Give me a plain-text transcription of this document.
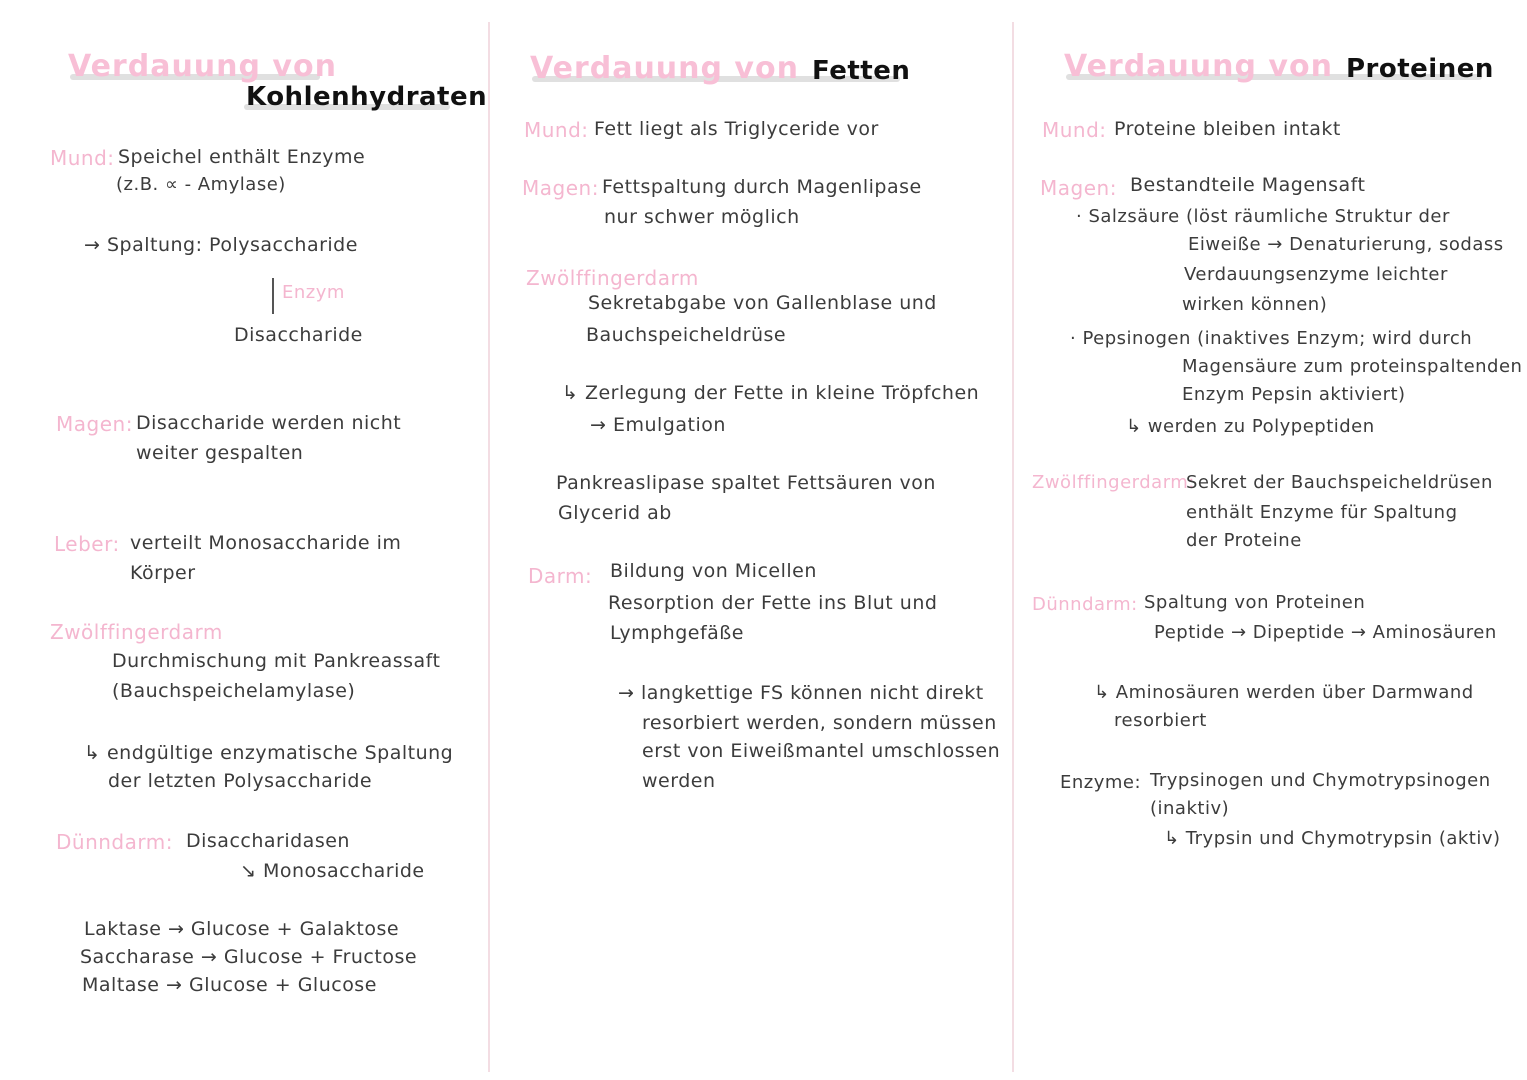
Verdauung von
Kohlenhydraten
Mund: Speichel enthält Enzyme
(z.B. ∝ - Amylase)
→ Spaltung: Polysaccharide
Enzym
Disaccharide
Magen: Disaccharide werden nicht
weiter gespalten
Leber: verteilt Monosaccharide im
Körper
Zwölffingerdarm
Durchmischung mit Pankreassaft
(Bauchspeichelamylase)
↳ endgültige enzymatische Spaltung
der letzten Polysaccharide
Dünndarm: Disaccharidasen
↘ Monosaccharide
Laktase → Glucose + Galaktose
Saccharase → Glucose + Fructose
Maltase → Glucose + Glucose
Verdauung von Fetten
Mund: Fett liegt als Triglyceride vor
Magen: Fettspaltung durch Magenlipase
nur schwer möglich
Zwölffingerdarm
Sekretabgabe von Gallenblase und
Bauchspeicheldrüse
↳ Zerlegung der Fette in kleine Tröpfchen
→ Emulgation
Pankreaslipase spaltet Fettsäuren von
Glycerid ab
Darm: Bildung von Micellen
Resorption der Fette ins Blut und
Lymphgefäße
→ langkettige FS können nicht direkt
resorbiert werden, sondern müssen
erst von Eiweißmantel umschlossen
werden
Verdauung von Proteinen
Mund: Proteine bleiben intakt
Magen: Bestandteile Magensaft
· Salzsäure (löst räumliche Struktur der
Eiweiße → Denaturierung, sodass
Verdauungsenzyme leichter
wirken können)
· Pepsinogen (inaktives Enzym; wird durch
Magensäure zum proteinspaltenden
Enzym Pepsin aktiviert)
↳ werden zu Polypeptiden
Zwölffingerdarm:
Sekret der Bauchspeicheldrüsen
enthält Enzyme für Spaltung
der Proteine
Dünndarm: Spaltung von Proteinen
Peptide → Dipeptide → Aminosäuren
↳ Aminosäuren werden über Darmwand
resorbiert
Enzyme: Trypsinogen und Chymotrypsinogen
(inaktiv)
↳ Trypsin und Chymotrypsin (aktiv)
